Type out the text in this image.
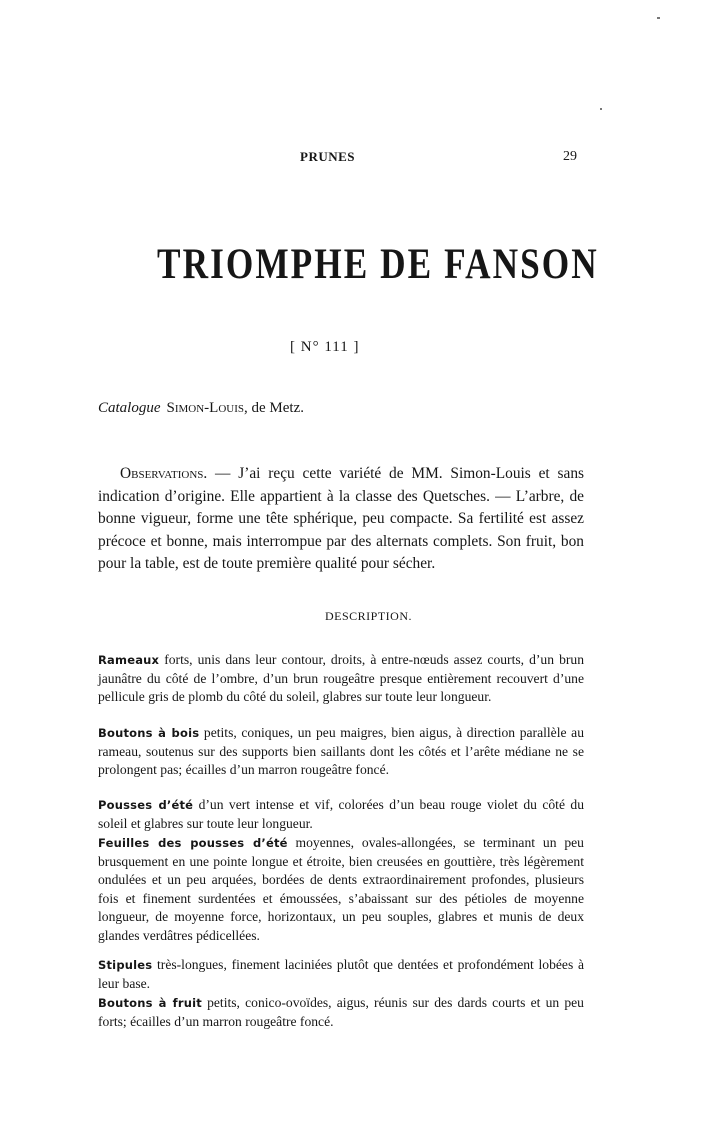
PRUNES	29
TRIOMPHE DE FANSON
[ N° 111 ]
Catalogue Simon-Louis, de Metz.

Observations. — J’ai reçu cette variété de MM. Simon-Louis et sans indication d’origine. Elle appartient à la classe des Quetsches. — L’arbre, de bonne vigueur, forme une tête sphérique, peu compacte. Sa fertilité est assez précoce et bonne, mais interrompue par des alternats complets. Son fruit, bon pour la table, est de toute première qualité pour sécher.

DESCRIPTION.

Rameaux forts, unis dans leur contour, droits, à entre-nœuds assez courts, d’un brun jaunâtre du côté de l’ombre, d’un brun rougeâtre presque entièrement recouvert d’une pellicule gris de plomb du côté du soleil, glabres sur toute leur longueur.

Boutons à bois petits, coniques, un peu maigres, bien aigus, à direction parallèle au rameau, soutenus sur des supports bien saillants dont les côtés et l’arête médiane ne se prolongent pas; écailles d’un marron rougeâtre foncé.

Pousses d’été d’un vert intense et vif, colorées d’un beau rouge violet du côté du soleil et glabres sur toute leur longueur.

Feuilles des pousses d’été moyennes, ovales-allongées, se terminant un peu brusquement en une pointe longue et étroite, bien creusées en gouttière, très légèrement ondulées et un peu arquées, bordées de dents extraordinairement profondes, plusieurs fois et finement surdentées et émoussées, s’abaissant sur des pétioles de moyenne longueur, de moyenne force, horizontaux, un peu souples, glabres et munis de deux glandes verdâtres pédicellées.

Stipules très-longues, finement laciniées plutôt que dentées et profondément lobées à leur base.

Boutons à fruit petits, conico-ovoïdes, aigus, réunis sur des dards courts et un peu forts; écailles d’un marron rougeâtre foncé.
